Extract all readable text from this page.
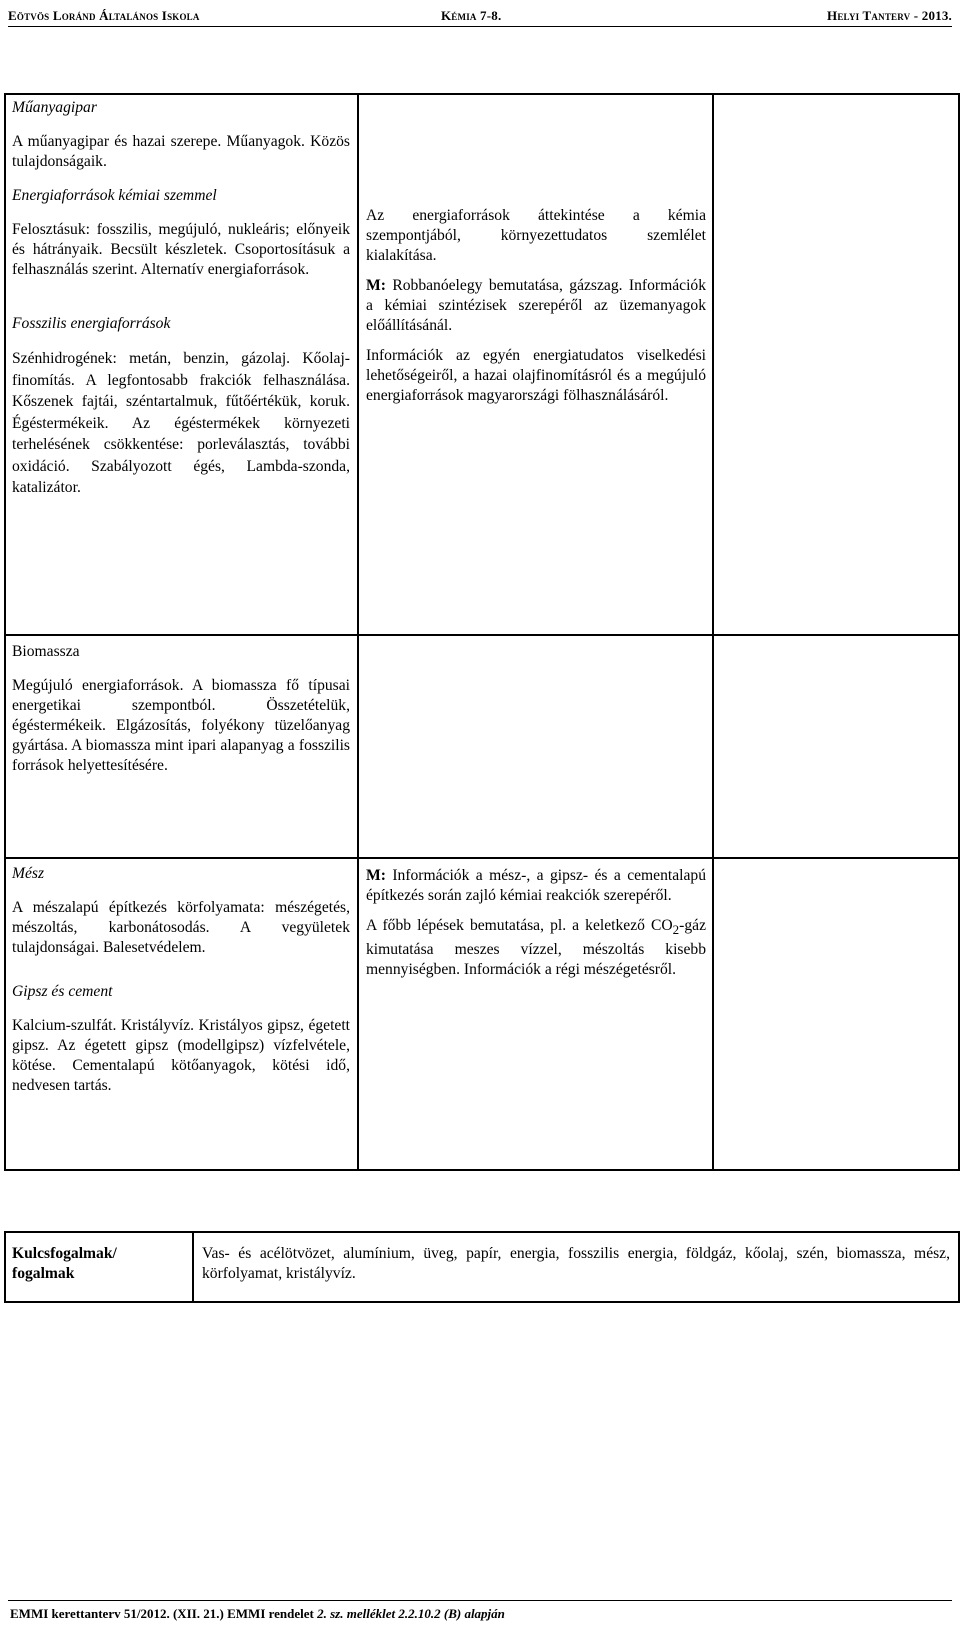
Eötvös Loránd Általános Iskola	Kémia 7-8.	Helyi Tanterv - 2013.

Műanyagipar

A műanyagipar és hazai szerepe. Műanyagok. Közös tulajdonságaik.

Energiaforrások kémiai szemmel

Felosztásuk: fosszilis, megújuló, nukleáris; előnyeik és hátrányaik. Becsült készletek. Csoportosításuk a felhasználás szerint. Alternatív energiaforrások.

Fosszilis energiaforrások

Szénhidrogének: metán, benzin, gázolaj. Kőolaj-finomítás. A legfontosabb frakciók felhasználása. Kőszenek fajtái, széntartalmuk, fűtőértékük, koruk. Égéstermékeik. Az égéstermékek környezeti terhelésének csökkentése: porleválasztás, további oxidáció. Szabályozott égés, Lambda-szonda, katalizátor.

Az energiaforrások áttekintése a kémia szempontjából, környezettudatos szemlélet kialakítása.

M: Robbanóelegy bemutatása, gázszag. Információk a kémiai szintézisek szerepéről az üzemanyagok előállításánál.

Információk az egyén energiatudatos viselkedési lehetőségeiről, a hazai olajfinomításról és a megújuló energiaforrások magyarországi fölhasználásáról.

Biomassza

Megújuló energiaforrások. A biomassza fő típusai energetikai szempontból. Összetételük, égéstermékeik. Elgázosítás, folyékony tüzelőanyag gyártása. A biomassza mint ipari alapanyag a fosszilis források helyettesítésére.

Mész

A mészalapú építkezés körfolyamata: mészégetés, mészoltás, karbonátosodás. A vegyületek tulajdonságai. Balesetvédelem.

Gipsz és cement

Kalcium-szulfát. Kristályvíz. Kristályos gipsz, égetett gipsz. Az égetett gipsz (modellgipsz) vízfelvétele, kötése. Cementalapú kötőanyagok, kötési idő, nedvesen tartás.

M: Információk a mész-, a gipsz- és a cementalapú építkezés során zajló kémiai reakciók szerepéről.

A főbb lépések bemutatása, pl. a keletkező $CO_2$-gáz kimutatása meszes vízzel, mészoltás kisebb mennyiségben. Információk a régi mészégetésről.

Kulcsfogalmak/ fogalmak

Vas- és acélötvözet, alumínium, üveg, papír, energia, fosszilis energia, földgáz, kőolaj, szén, biomassza, mész, körfolyamat, kristályvíz.

EMMI kerettanterv 51/2012. (XII. 21.) EMMI rendelet 2. sz. melléklet 2.2.10.2 (B) alapján
